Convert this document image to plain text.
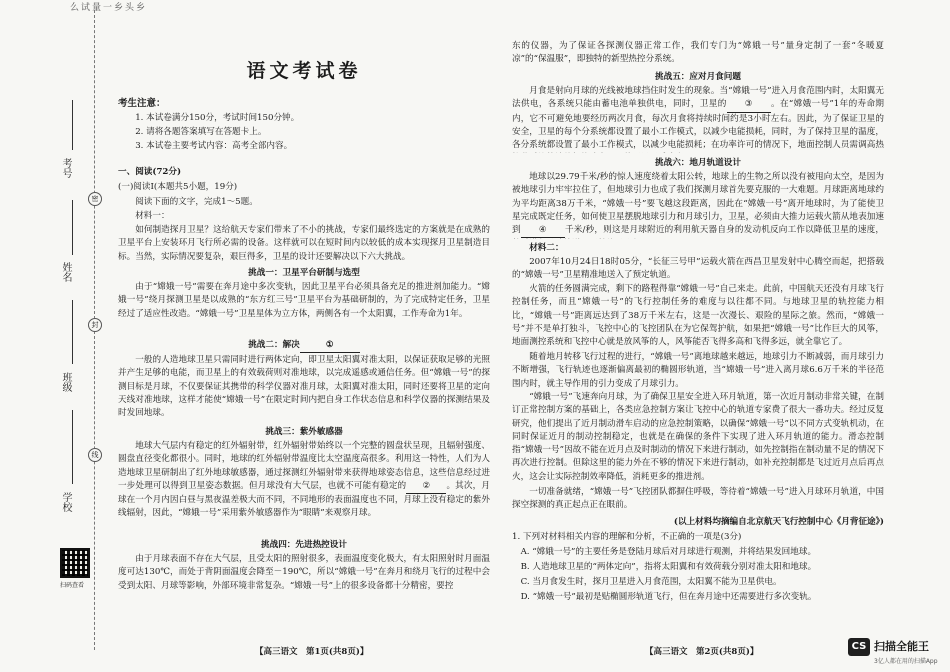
么试量一乡头乡
考号
姓名
班级
学校
密
封
线
扫码查看
语文考试卷
考生注意：
1. 本试卷满分150分，考试时间150分钟。
2. 请将各题答案填写在答题卡上。
3. 本试卷主要考试内容：高考全部内容。
一、阅读(72分)
(一)阅读Ⅰ(本题共5小题，19分)
阅读下面的文字，完成1～5题。
材料一：
如何制造探月卫星？这给航天专家们带来了不小的挑战，专家们最终选定的方案就是在成熟的卫星平台上安装环月飞行所必需的设备。这样就可以在短时间内以较低的成本实现探月卫星制造目标。当然，实际情况要复杂，艰巨得多，卫星的设计还要解决以下六大挑战。
挑战一：卫星平台研制与选型
由于“嫦娥一号”需要在奔月途中多次变轨，因此卫星平台必须具备充足的推进剂加能力。“嫦娥一号”绕月探测卫星是以成熟的“东方红三号”卫星平台为基础研制的，为了完成特定任务，卫星经过了适应性改造。“嫦娥一号”卫星星体为立方体，两侧各有一个太阳翼，工作寿命为1年。
挑战二：解决	①
一般的人造地球卫星只需同时进行两体定向，即卫星太阳翼对准太阳，以保证获取足够的光照并产生足够的电能，而卫星上的有效载荷则对准地球，以完成遥感或通信任务。但“嫦娥一号”的探测目标是月球，不仅要保证其携带的科学仪器对准月球，太阳翼对准太阳，同时还要将卫星的定向天线对准地球，这样才能使“嫦娥一号”在限定时间内把自身工作状态信息和科学仪器的探测结果及时发回地球。
挑战三：紫外敏感器
地球大气层内有稳定的红外辐射带，红外辐射带始终以一个完整的圆盘状呈现，且辐射强度、圆盘直径变化都很小。同时，地球的红外辐射带温度比太空温度高很多。利用这一特性，人们为人造地球卫星研制出了红外地球敏感器，通过探测红外辐射带来获得地球姿态信息，这些信息经过进一步处理可以得到卫星姿态数据。但月球没有大气层，也就不可能有稳定的 ② 。其次，月球在一个月内因白昼与黑夜温差极大而不同，不同地形的表面温度也不同，月球上没有稳定的紫外线辐射，因此，“嫦娥一号”采用紫外敏感器作为“眼睛”来观察月球。
挑战四：先进热控设计
由于月球表面不存在大气层，且受太阳的照射很多，表面温度变化极大，有太阳照射时月面温度可达130℃，而处于背阴面温度会降至－190℃，所以“嫦娥一号”在奔月和绕月飞行的过程中会受到太阳、月球等影响，外部环境非常复杂。“嫦娥一号”上的很多设备都十分精密，要控
【高三语文　第1页(共8页)】
东的仪器，为了保证各探测仪器正常工作，我们专门为“嫦娥一号”量身定制了一套“冬暖夏凉”的“保温服”，即独特的新型热控分系统。
挑战五：应对月食问题
月食是射向月球的光线被地球挡住时发生的现象。当“嫦娥一号”进入月食范围内时，太阳翼无法供电，各系统只能由蓄电池单独供电，同时，卫星的 ③ 。在“嫦娥一号”1年的寿命期内，它不可避免地要经历两次月食，每次月食将持续时间约是3小时左右。因此，为了保证卫星的安全，卫星的每个分系统都设置了最小工作模式，以减少电能损耗，同时，为了保持卫星的温度，各分系统都设置了最小工作模式，以减少电能损耗；在功率许可的情况下，地面控制人员需调高热
挑战六：地月轨道设计
地球以29.79千米/秒的惊人速度绕着太阳公转，地球上的生物之所以没有被甩向太空，是因为被地球引力牢牢拉住了，但地球引力也成了我们探测月球首先要克服的一大难题。月球距离地球约为平均距离38万千米，“嫦娥一号”要飞越这段距离，因此在“嫦娥一号”离开地球时，为了能使卫星完成既定任务，如何使卫星摆脱地球引力和月球引力，卫星，必须由大推力运载火箭从地表加速到 ④ 千米/秒，则这是月球附近的利用航天器自身的发动机反向工作以降低卫星的速度，
材料二：
2007年10月24日18时05分，“长征三号甲”运载火箭在西昌卫星发射中心腾空而起，把搭载的“嫦娥一号”卫星精准地送入了预定轨道。
火箭的任务圆满完成，剩下的路程得靠“嫦娥一号”自己来走。此前，中国航天还没有月球飞行控制任务，而且“嫦娥一号”的飞行控制任务的难度与以往都不同。与地球卫星的轨控能力相比，“嫦娥一号”距离远达到了38万千米左右，这是一次漫长、艰险的星际之旅。然而，“嫦娥一号”并不是单打独斗，飞控中心的飞控团队在为它保驾护航，如果把“嫦娥一号”比作巨大的风筝，地面测控系统和飞控中心就是放风筝的人，风筝能否飞得多高和飞得多远，就全靠它了。
随着地月转移飞行过程的进行，“嫦娥一号”离地球越来越远，地球引力不断减弱，而月球引力不断增强，飞行轨迹也逐渐偏离最初的椭圆形轨道，当“嫦娥一号”进入离月球6.6万千米的半径范围内时，就主导作用的引力变成了月球引力。
“嫦娥一号”飞速奔向月球，为了确保卫星安全进入环月轨道，第一次近月制动非常关键，在制订正常控制方案的基础上，各类应急控制方案让飞控中心的轨道专家费了很大一番功夫。经过反复研究，他们提出了近月制动滑车启动的应急控制策略，以确保“嫦娥一号”以不同方式变轨机动，在同时保证近月的制动控制稳定，也就是在确保的条件下实现了进入环月轨道的能力。滑态控制指“嫦娥一号”因故不能在近月点及时制动的情况下来进行制动，如先控制指在制动量不足的情况下再次进行控制。但除这里的能力外在不够的情况下来进行制动，如补充控制都是飞过近月点后再点火，这会让实际控制效率降低，消耗更多的推进剂。
一切准备就绪，“嫦娥一号”飞控团队都摒住呼吸，等待着“嫦娥一号”进入月球环月轨道，中国探空探测的真正起点正在眼前。
(以上材料均摘编自北京航天飞行控制中心《月背征途》)
1. 下列对材料相关内容的理解和分析，不正确的一项是(3分)
A. “嫦娥一号”的主要任务是登陆月球后对月球进行观测，并将结果发回地球。
B. 人造地球卫星的“两体定向”，指将太阳翼和有效荷载分别对准太阳和地球。
C. 当月食发生时，探月卫星进入月食范围，太阳翼不能为卫星供电。
D. “嫦娥一号”最初是贴椭圆形轨道飞行，但在奔月途中还需要进行多次变轨。
【高三语文　第2页(共8页)】	CS 扫描全能王
3亿人都在用的扫描App
